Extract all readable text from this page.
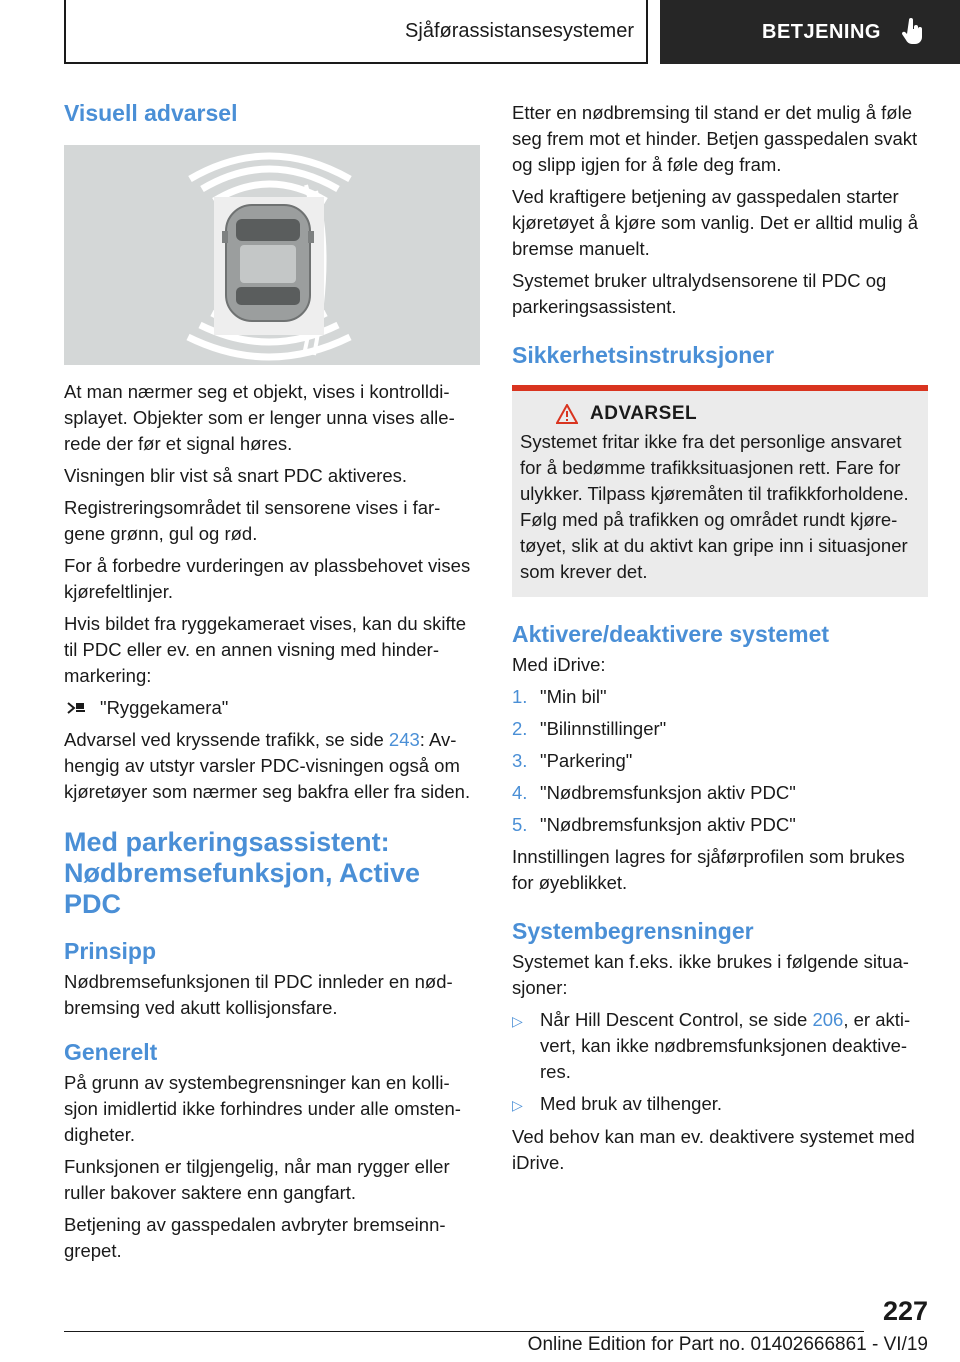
Sjåførassistansesystemer	BETJENING
Visuell advarsel

At man nærmer seg et objekt, vises i kontrolldi-splayet. Objekter som er lenger unna vises alle-rede der før et signal høres.

Visningen blir vist så snart PDC aktiveres.

Registreringsområdet til sensorene vises i far-gene grønn, gul og rød.

For å forbedre vurderingen av plassbehovet vises kjørefeltlinjer.

Hvis bildet fra ryggekameraet vises, kan du skifte til PDC eller ev. en annen visning med hinder-markering:

"Ryggekamera"

Advarsel ved kryssende trafikk, se side 243: Av-hengig av utstyr varsler PDC-visningen også om kjøretøyer som nærmer seg bakfra eller fra siden.

Med parkeringsassistent: Nødbremsefunksjon, Active PDC
Prinsipp

Nødbremsefunksjonen til PDC innleder en nød-bremsing ved akutt kollisjonsfare.

Generelt

På grunn av systembegrensninger kan en kolli-sjon imidlertid ikke forhindres under alle omsten-digheter.

Funksjonen er tilgjengelig, når man rygger eller ruller bakover saktere enn gangfart.

Betjening av gasspedalen avbryter bremseinn-grepet.

Etter en nødbremsing til stand er det mulig å føle seg frem mot et hinder. Betjen gasspedalen svakt og slipp igjen for å føle deg fram.

Ved kraftigere betjening av gasspedalen starter kjøretøyet å kjøre som vanlig. Det er alltid mulig å bremse manuelt.

Systemet bruker ultralydsensorene til PDC og parkeringsassistent.

Sikkerhetsinstruksjoner
ADVARSEL

Systemet fritar ikke fra det personlige ansvaret for å bedømme trafikksituasjonen rett. Fare for ulykker. Tilpass kjøremåten til trafikkforholdene. Følg med på trafikken og området rundt kjøre-tøyet, slik at du aktivt kan gripe inn i situasjoner som krever det.

Aktivere/deaktivere systemet

Med iDrive:

1. "Min bil"
2. "Bilinnstillinger"
3. "Parkering"
4. "Nødbremsfunksjon aktiv PDC"
5. "Nødbremsfunksjon aktiv PDC"

Innstillingen lagres for sjåførprofilen som brukes for øyeblikket.

Systembegrensninger

Systemet kan f.eks. ikke brukes i følgende situa-sjoner:

▷ Når Hill Descent Control, se side 206, er akti-vert, kan ikke nødbremsfunksjonen deaktive-res.
▷ Med bruk av tilhenger.

Ved behov kan man ev. deaktivere systemet med iDrive.

227
Online Edition for Part no. 01402666861 - VI/19
